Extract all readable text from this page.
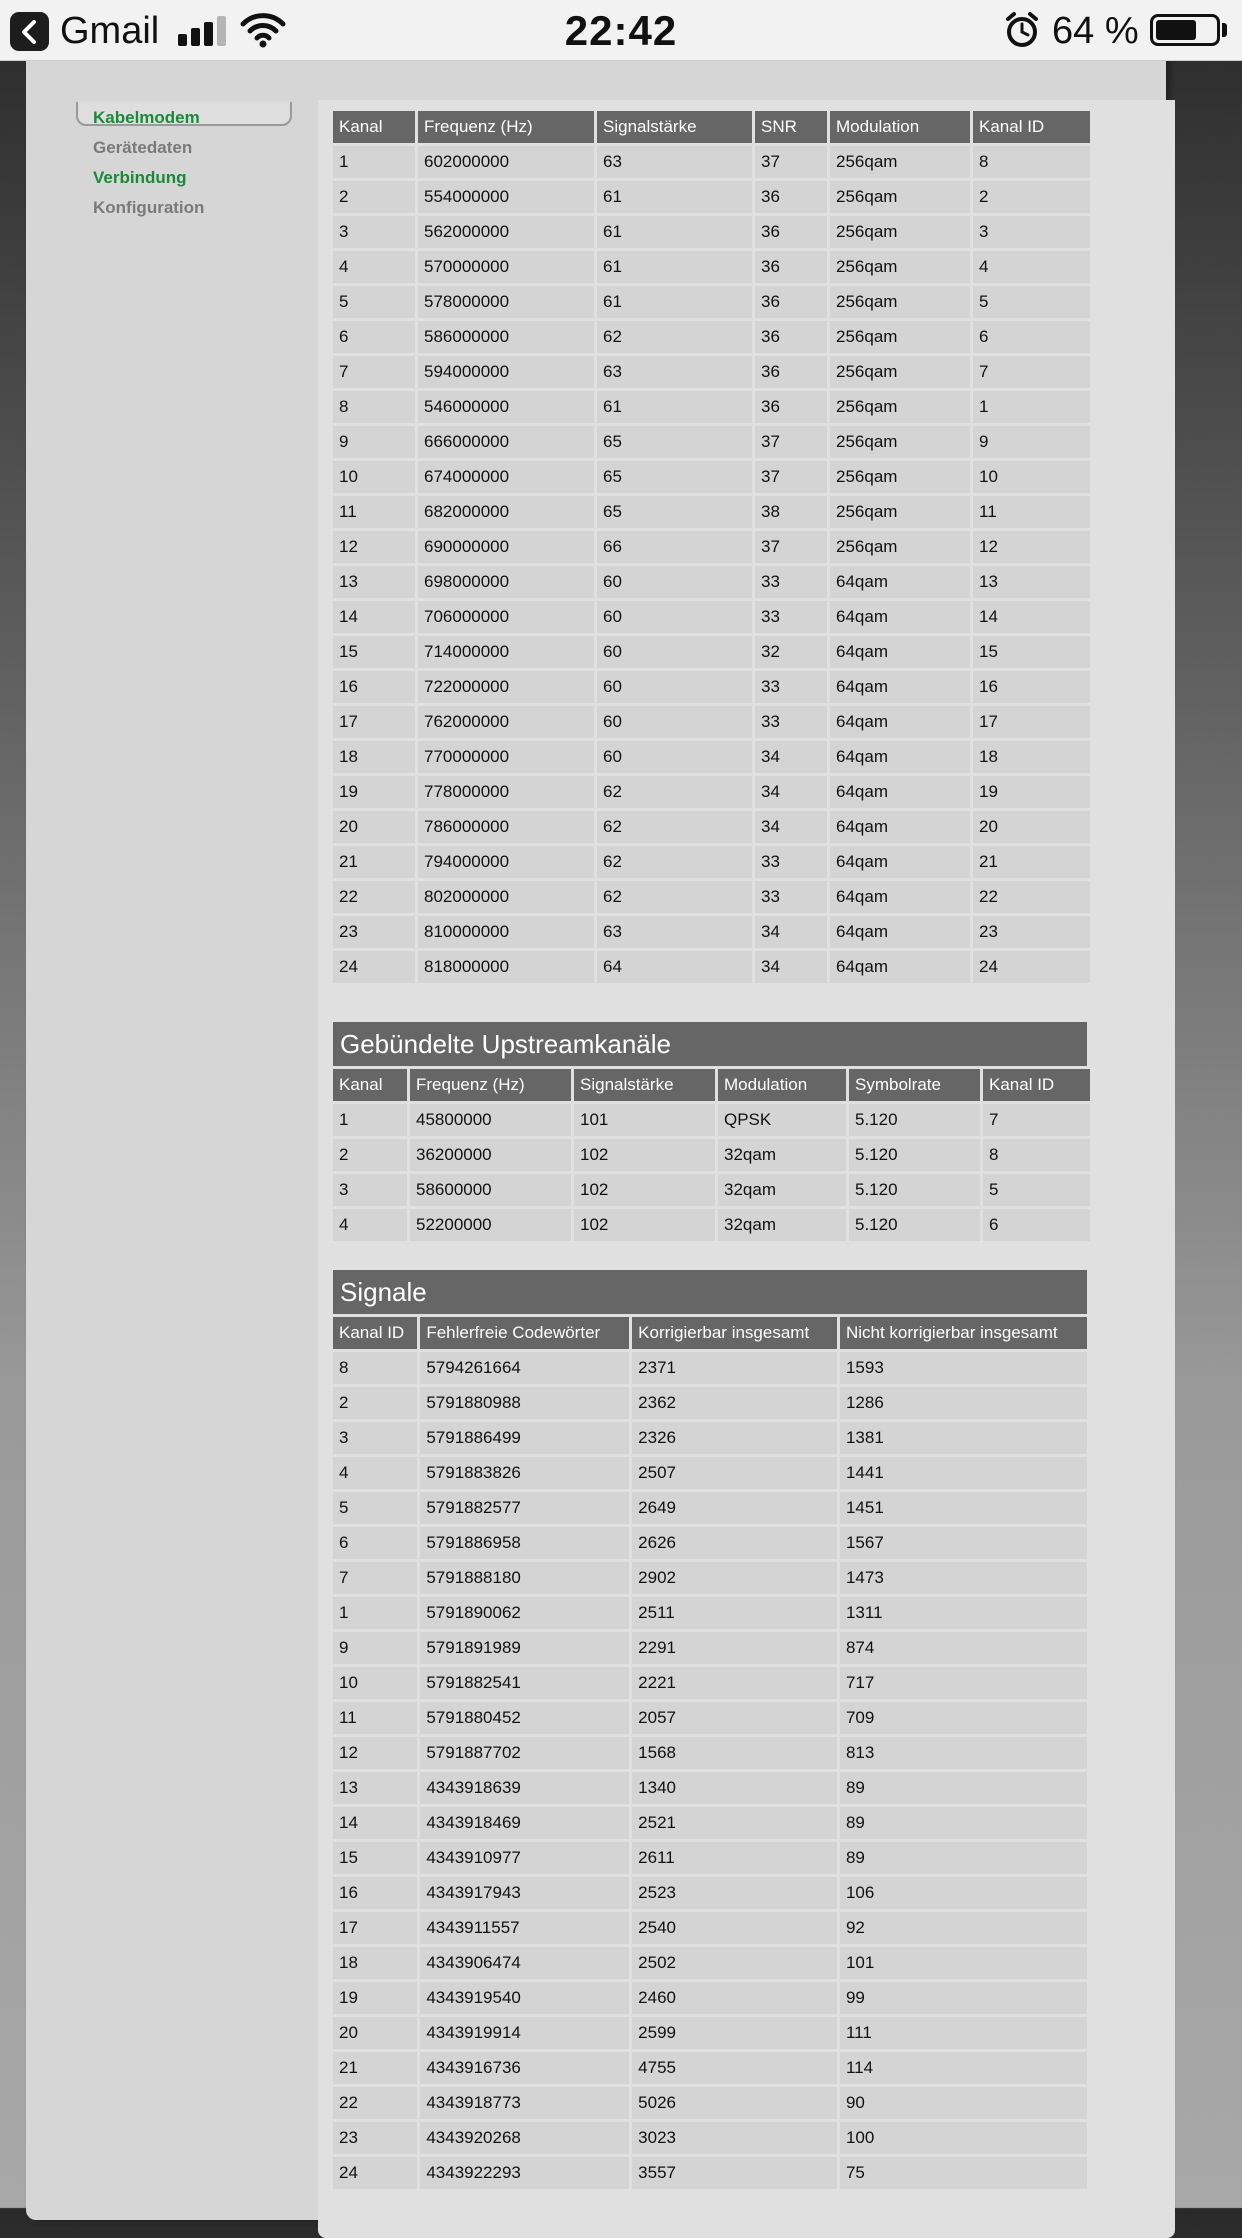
Gmail	22:42	64 %
Kabelmodem
Gerätedaten
Verbindung
Konfiguration
Kanal	Frequenz (Hz)	Signalstärke	SNR	Modulation	Kanal ID
1	602000000	63	37	256qam	8
2	554000000	61	36	256qam	2
3	562000000	61	36	256qam	3
4	570000000	61	36	256qam	4
5	578000000	61	36	256qam	5
6	586000000	62	36	256qam	6
7	594000000	63	36	256qam	7
8	546000000	61	36	256qam	1
9	666000000	65	37	256qam	9
10	674000000	65	37	256qam	10
11	682000000	65	38	256qam	11
12	690000000	66	37	256qam	12
13	698000000	60	33	64qam	13
14	706000000	60	33	64qam	14
15	714000000	60	32	64qam	15
16	722000000	60	33	64qam	16
17	762000000	60	33	64qam	17
18	770000000	60	34	64qam	18
19	778000000	62	34	64qam	19
20	786000000	62	34	64qam	20
21	794000000	62	33	64qam	21
22	802000000	62	33	64qam	22
23	810000000	63	34	64qam	23
24	818000000	64	34	64qam	24
Gebündelte Upstreamkanäle
Kanal	Frequenz (Hz)	Signalstärke	Modulation	Symbolrate	Kanal ID
1	45800000	101	QPSK	5.120	7
2	36200000	102	32qam	5.120	8
3	58600000	102	32qam	5.120	5
4	52200000	102	32qam	5.120	6
Signale
Kanal ID	Fehlerfreie Codewörter	Korrigierbar insgesamt	Nicht korrigierbar insgesamt
8	5794261664	2371	1593
2	5791880988	2362	1286
3	5791886499	2326	1381
4	5791883826	2507	1441
5	5791882577	2649	1451
6	5791886958	2626	1567
7	5791888180	2902	1473
1	5791890062	2511	1311
9	5791891989	2291	874
10	5791882541	2221	717
11	5791880452	2057	709
12	5791887702	1568	813
13	4343918639	1340	89
14	4343918469	2521	89
15	4343910977	2611	89
16	4343917943	2523	106
17	4343911557	2540	92
18	4343906474	2502	101
19	4343919540	2460	99
20	4343919914	2599	111
21	4343916736	4755	114
22	4343918773	5026	90
23	4343920268	3023	100
24	4343922293	3557	75
